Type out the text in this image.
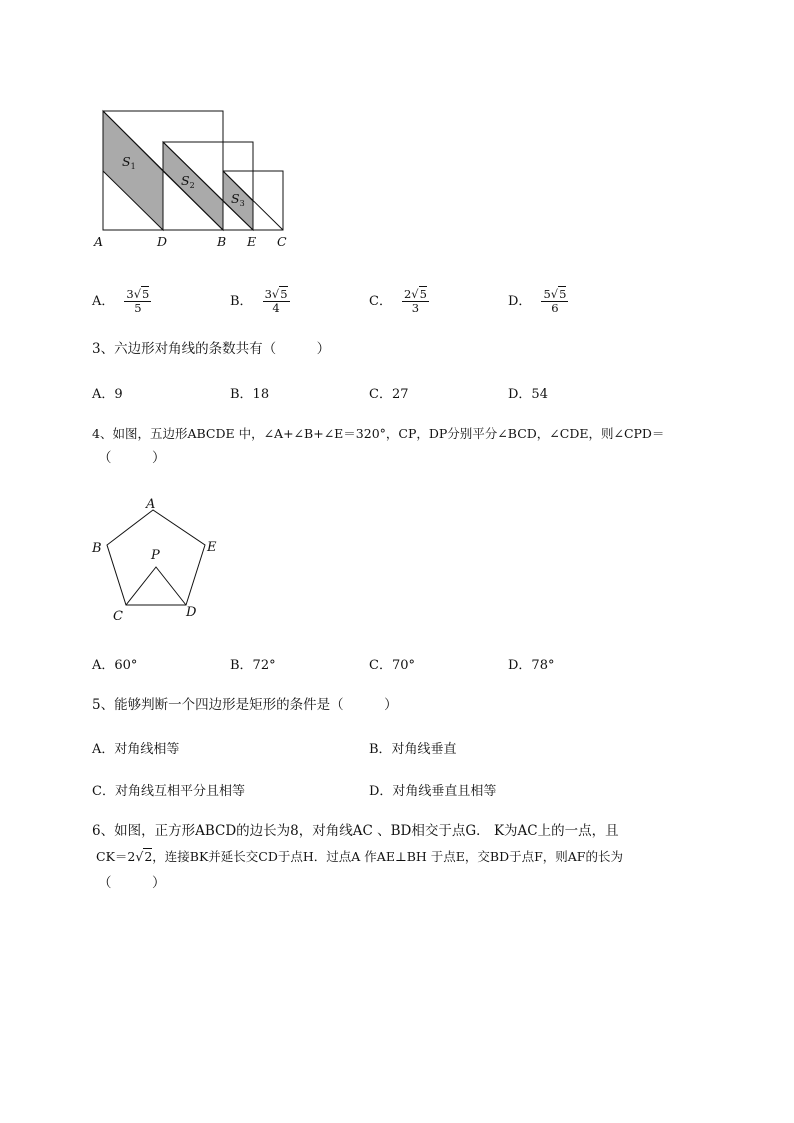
A	D	B E C
$S_1$
$S_2$
$S_3$
A． $\frac{3√5}{5}$	B． $\frac{3√5}{4}$	C． $\frac{2√5}{3}$	D． $\frac{5√5}{6}$
3、六边形对角线的条数共有（　　　）
A．9	B．18	C．27	D．54
4、如图，五边形ABCDE 中，∠A+∠B+∠E＝320°，CP，DP分别平分∠BCD，∠CDE，则∠CPD＝
（　　　）
A
B	E
P
C	D
A．60°	B．72°	C．70°	D．78°
5、能够判断一个四边形是矩形的条件是（　　　）
A．对角线相等	B．对角线垂直
C．对角线互相平分且相等	D．对角线垂直且相等
6、如图，正方形ABCD的边长为8，对角线AC 、BD相交于点G． K为AC上的一点，且
CK＝2√2，连接BK并延长交CD于点H．过点A 作AE⊥BH 于点E，交BD于点F，则AF的长为
（　　　）
